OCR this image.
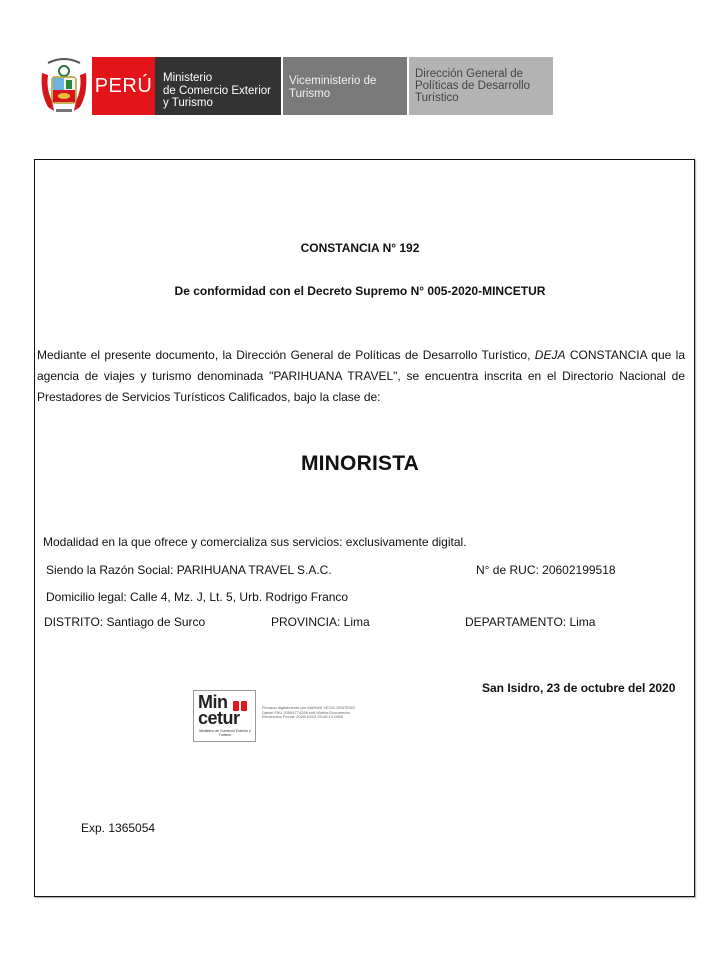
PERÚ Ministerio
de Comercio Exterior
y Turismo
Viceministerio de
Turismo
Dirección General de
Políticas de Desarrollo
Turístico
CONSTANCIA N° 192
De conformidad con el Decreto Supremo N° 005-2020-MINCETUR
Mediante el presente documento, la Dirección General de Políticas de Desarrollo Turístico, DEJA CONSTANCIA que la agencia de viajes y turismo denominada "PARIHUANA TRAVEL", se encuentra inscrita en el Directorio Nacional de Prestadores de Servicios Turísticos Calificados, bajo la clase de:
MINORISTA
Modalidad en la que ofrece y comercializa sus servicios: exclusivamente digital.
Siendo la Razón Social: PARIHUANA TRAVEL S.A.C.	N° de RUC: 20602199518
Domicilio legal: Calle 4, Mz. J, Lt. 5, Urb. Rodrigo Franco
DISTRITO: Santiago de Surco	PROVINCIA: Lima	DEPARTAMENTO: Lima
Min
cetur
Ministerio de Comercio Exterior y Turismo
Firmado digitalmente por MARAVI VEGA CENTENO Daniel FAU 20504774288 soft Motivo:Documento Electrónico Fecha: 2020/10/23 20:40:13-0500
San Isidro, 23 de octubre del 2020
Exp. 1365054
